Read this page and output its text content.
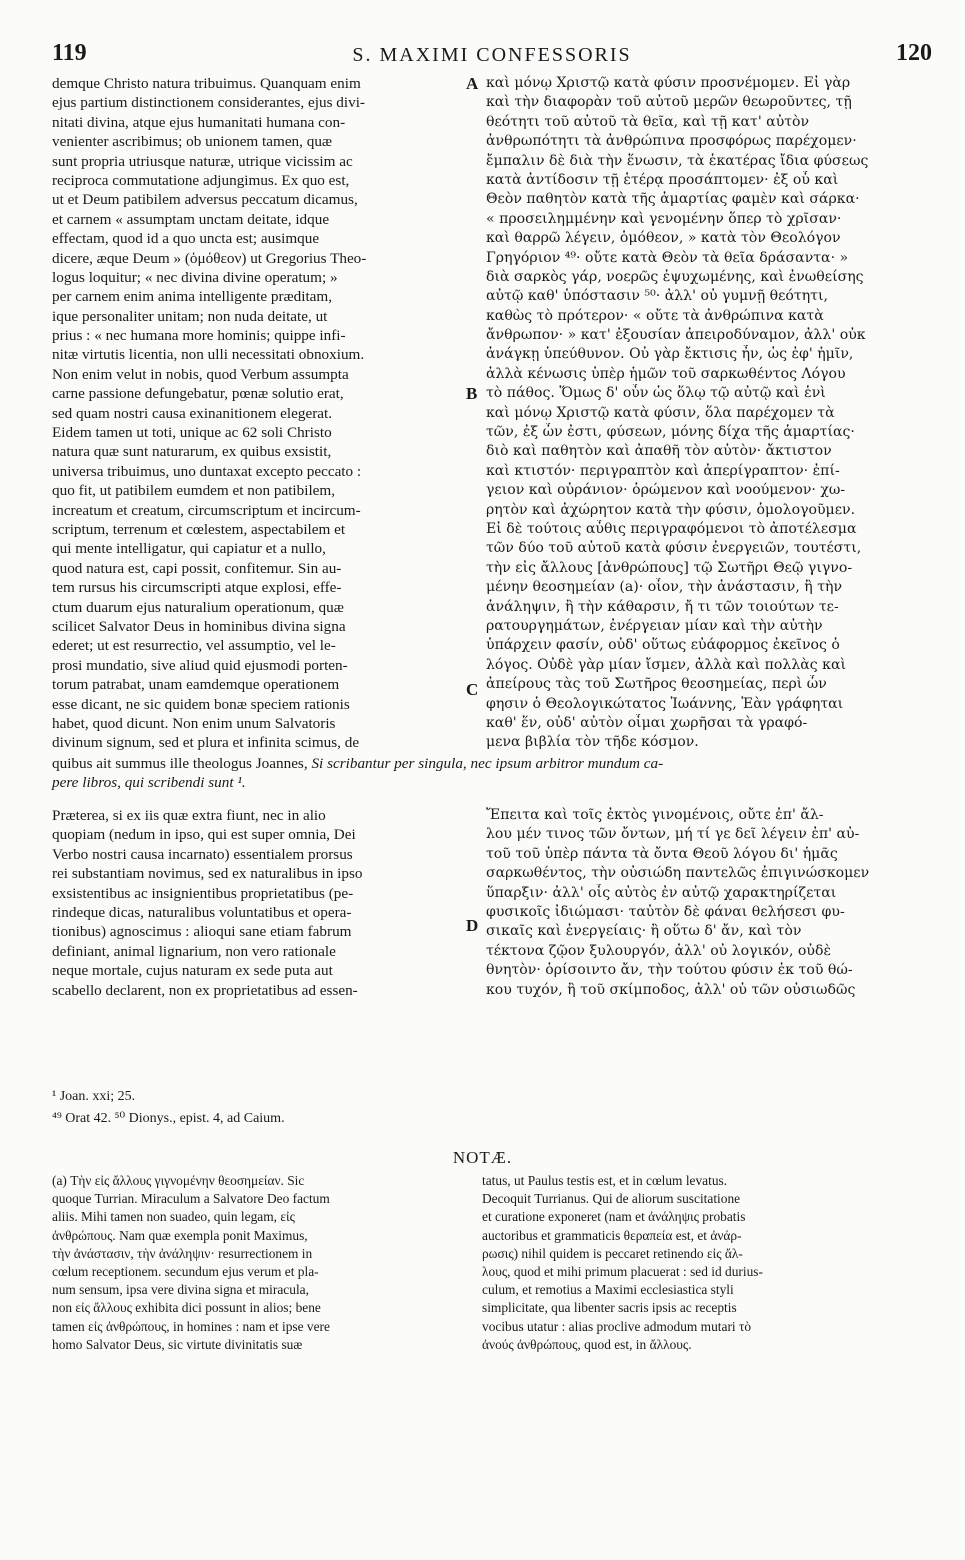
119	S. MAXIMI CONFESSORIS	120
demque Christo natura tribuimus. Quanquam enim
ejus partium distinctionem considerantes, ejus divi-
nitati divina, atque ejus humanitati humana con-
venienter ascribimus; ob unionem tamen, quæ
sunt propria utriusque naturæ, utrique vicissim ac
reciproca commutatione adjungimus. Ex quo est,
ut et Deum patibilem adversus peccatum dicamus,
et carnem « assumptam unctam deitate, idque
effectam, quod id a quo uncta est; ausimque
dicere, æque Deum » (ὁμόθεον) ut Gregorius Theo-
logus loquitur; « nec divina divine operatum; »
per carnem enim anima intelligente præditam,
ique personaliter unitam; non nuda deitate, ut
prius : « nec humana more hominis; quippe infi-
nitæ virtutis licentia, non ulli necessitati obnoxium.
Non enim velut in nobis, quod Verbum assumpta
carne passione defungebatur, pœnæ solutio erat,
sed quam nostri causa exinanitionem elegerat.
Eidem tamen ut toti, unique ac 62 soli Christo
natura quæ sunt naturarum, ex quibus exsistit,
universa tribuimus, uno duntaxat excepto peccato :
quo fit, ut patibilem eumdem et non patibilem,
increatum et creatum, circumscriptum et incircum-
scriptum, terrenum et cœlestem, aspectabilem et
qui mente intelligatur, qui capiatur et a nullo,
quod natura est, capi possit, confitemur. Sin au-
tem rursus his circumscripti atque explosi, effe-
ctum duarum ejus naturalium operationum, quæ
scilicet Salvator Deus in hominibus divina signa
ederet; ut est resurrectio, vel assumptio, vel le-
prosi mundatio, sive aliud quid ejusmodi porten-
torum patrabat, unam eamdemque operationem
esse dicant, ne sic quidem bonæ speciem rationis
habet, quod dicunt. Non enim unum Salvatoris
divinum signum, sed et plura et infinita scimus, de
καὶ μόνῳ Χριστῷ κατὰ φύσιν προσνέμομεν. Εἰ γὰρ
καὶ τὴν διαφορὰν τοῦ αὐτοῦ μερῶν θεωροῦντες, τῇ
θεότητι τοῦ αὐτοῦ τὰ θεῖα, καὶ τῇ κατ' αὐτὸν
ἀνθρωπότητι τὰ ἀνθρώπινα προσφόρως παρέχομεν·
ἔμπαλιν δὲ διὰ τὴν ἕνωσιν, τὰ ἑκατέρας ἴδια φύσεως
κατὰ ἀντίδοσιν τῇ ἑτέρᾳ προσάπτομεν· ἐξ οὗ καὶ
Θεὸν παθητὸν κατὰ τῆς ἁμαρτίας φαμὲν καὶ σάρκα·
« προσειλημμένην καὶ γενομένην ὅπερ τὸ χρῖσαν·
καὶ θαρρῶ λέγειν, ὁμόθεον, » κατὰ τὸν Θεολόγον
Γρηγόριον ⁴⁹· οὔτε κατὰ Θεὸν τὰ θεῖα δράσαντα· »
διὰ σαρκὸς γάρ, νοερῶς ἐψυχωμένης, καὶ ἐνωθείσης
αὐτῷ καθ' ὑπόστασιν ⁵⁰· ἀλλ' οὐ γυμνῇ θεότητι,
καθὼς τὸ πρότερον· « οὔτε τὰ ἀνθρώπινα κατὰ
ἄνθρωπον· » κατ' ἐξουσίαν ἀπειροδύναμον, ἀλλ' οὐκ
ἀνάγκῃ ὑπεύθυνον. Οὐ γὰρ ἔκτισις ἦν, ὡς ἐφ' ἡμῖν,
ἀλλὰ κένωσις ὑπὲρ ἡμῶν τοῦ σαρκωθέντος Λόγου
τὸ πάθος. Ὅμως δ' οὖν ὡς ὅλῳ τῷ αὐτῷ καὶ ἑνὶ
καὶ μόνῳ Χριστῷ κατὰ φύσιν, ὅλα παρέχομεν τὰ
τῶν, ἐξ ὧν ἐστι, φύσεων, μόνης δίχα τῆς ἁμαρτίας·
διὸ καὶ παθητὸν καὶ ἀπαθῆ τὸν αὐτὸν· ἄκτιστον
καὶ κτιστόν· περιγραπτὸν καὶ ἀπερίγραπτον· ἐπί-
γειον καὶ οὐράνιον· ὁρώμενον καὶ νοούμενον· χω-
ρητὸν καὶ ἀχώρητον κατὰ τὴν φύσιν, ὁμολογοῦμεν.
Εἰ δὲ τούτοις αὖθις περιγραφόμενοι τὸ ἀποτέλεσμα
τῶν δύο τοῦ αὐτοῦ κατὰ φύσιν ἐνεργειῶν, τουτέστι,
τὴν εἰς ἄλλους [ἀνθρώπους] τῷ Σωτῆρι Θεῷ γιγνο-
μένην θεοσημείαν (a)· οἷον, τὴν ἀνάστασιν, ἢ τὴν
ἀνάληψιν, ἢ τὴν κάθαρσιν, ἤ τι τῶν τοιούτων τε-
ρατουργημάτων, ἐνέργειαν μίαν καὶ τὴν αὐτὴν
ὑπάρχειν φασίν, οὐδ' οὕτως εὐάφορμος ἐκεῖνος ὁ
λόγος. Οὐδὲ γὰρ μίαν ἴσμεν, ἀλλὰ καὶ πολλὰς καὶ
ἀπείρους τὰς τοῦ Σωτῆρος θεοσημείας, περὶ ὧν
φησιν ὁ Θεολογικώτατος Ἰωάννης, Ἐὰν γράφηται
καθ' ἕν, οὐδ' αὐτὸν οἶμαι χωρῆσαι τὰ γραφό-
μενα βιβλία τὸν τῆδε κόσμον.
A
B
C
D
quibus ait summus ille theologus Joannes, Si scribantur per singula, nec ipsum arbitror mundum ca-
pere libros, qui scribendi sunt ¹.
Præterea, si ex iis quæ extra fiunt, nec in alio
quopiam (nedum in ipso, qui est super omnia, Dei
Verbo nostri causa incarnato) essentialem prorsus
rei substantiam novimus, sed ex naturalibus in ipso
exsistentibus ac insignientibus proprietatibus (pe-
rindeque dicas, naturalibus voluntatibus et opera-
tionibus) agnoscimus : alioqui sane etiam fabrum
definiant, animal lignarium, non vero rationale
neque mortale, cujus naturam ex sede puta aut
scabello declarent, non ex proprietatibus ad essen-
Ἔπειτα καὶ τοῖς ἐκτὸς γινομένοις, οὔτε ἐπ' ἄλ-
λου μέν τινος τῶν ὄντων, μή τί γε δεῖ λέγειν ἐπ' αὐ-
τοῦ τοῦ ὑπὲρ πάντα τὰ ὄντα Θεοῦ λόγου δι' ἡμᾶς
σαρκωθέντος, τὴν οὐσιώδη παντελῶς ἐπιγινώσκομεν
ὕπαρξιν· ἀλλ' οἷς αὐτὸς ἐν αὐτῷ χαρακτηρίζεται
φυσικοῖς ἰδιώμασι· ταὐτὸν δὲ φάναι θελήσεσι φυ-
σικαῖς καὶ ἐνεργείαις· ἢ οὕτω δ' ἄν, καὶ τὸν
τέκτονα ζῷον ξυλουργόν, ἀλλ' οὐ λογικόν, οὐδὲ
θνητὸν· ὁρίσοιντο ἄν, τὴν τούτου φύσιν ἐκ τοῦ θώ-
κου τυχόν, ἢ τοῦ σκίμποδος, ἀλλ' οὐ τῶν οὐσιωδῶς
¹ Joan. xxi; 25.
⁴⁹ Orat 42. ⁵⁰ Dionys., epist. 4, ad Caium.
NOTÆ.
(a) Τὴν εἰς ἄλλους γιγνομένην θεοσημείαν. Sic
quoque Turrian. Miraculum a Salvatore Deo factum
aliis. Mihi tamen non suadeo, quin legam, εἰς
ἀνθρώπους. Nam quæ exempla ponit Maximus,
τὴν ἀνάστασιν, τὴν ἀνάληψιν· resurrectionem in
cœlum receptionem. secundum ejus verum et pla-
num sensum, ipsa vere divina signa et miracula,
non εἰς ἄλλους exhibita dici possunt in alios; bene
tamen εἰς ἀνθρώπους, in homines : nam et ipse vere
homo Salvator Deus, sic virtute divinitatis suæ
tatus, ut Paulus testis est, et in cœlum levatus.
Decoquit Turrianus. Qui de aliorum suscitatione
et curatione exponeret (nam et ἀνάληψις probatis
auctoribus et grammaticis θεραπεία est, et ἀνάρ-
ρωσις) nihil quidem is peccaret retinendo εἰς ἄλ-
λους, quod et mihi primum placuerat : sed id durius-
culum, et remotius a Maximi ecclesiastica styli
simplicitate, qua libenter sacris ipsis ac receptis
vocibus utatur : alias proclive admodum mutari τὸ
ἀνούς ἀνθρώπους, quod est, in ἄλλους.
